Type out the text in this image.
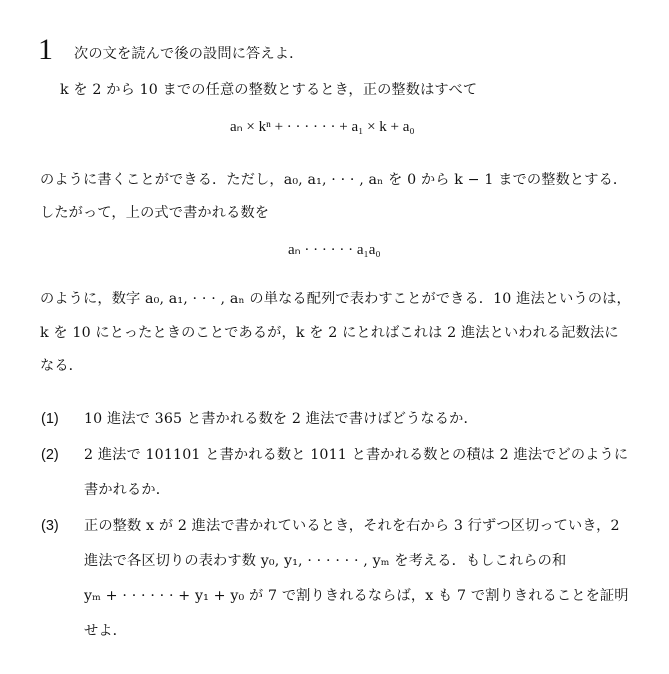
1 次の文を読んで後の設問に答えよ．
k を 2 から 10 までの任意の整数とするとき，正の整数はすべて
aₙ × kⁿ + · · · · · · + a₁ × k + a₀
のように書くことができる．ただし，a₀, a₁, · · · , aₙ を 0 から k − 1 までの整数とする．
したがって，上の式で書かれる数を
aₙ · · · · · · a₁a₀
のように，数字 a₀, a₁, · · · , aₙ の単なる配列で表わすことができる．10 進法というのは，
k を 10 にとったときのことであるが，k を 2 にとればこれは 2 進法といわれる記数法に
なる．
(1) 10 進法で 365 と書かれる数を 2 進法で書けばどうなるか．
(2) 2 進法で 101101 と書かれる数と 1011 と書かれる数との積は 2 進法でどのように
書かれるか．
(3) 正の整数 x が 2 進法で書かれているとき，それを右から 3 行ずつ区切っていき，2
進法で各区切りの表わす数 y₀, y₁, · · · · · · , yₘ を考える．もしこれらの和
yₘ + · · · · · · + y₁ + y₀ が 7 で割りきれるならば，x も 7 で割りきれることを証明
せよ．
